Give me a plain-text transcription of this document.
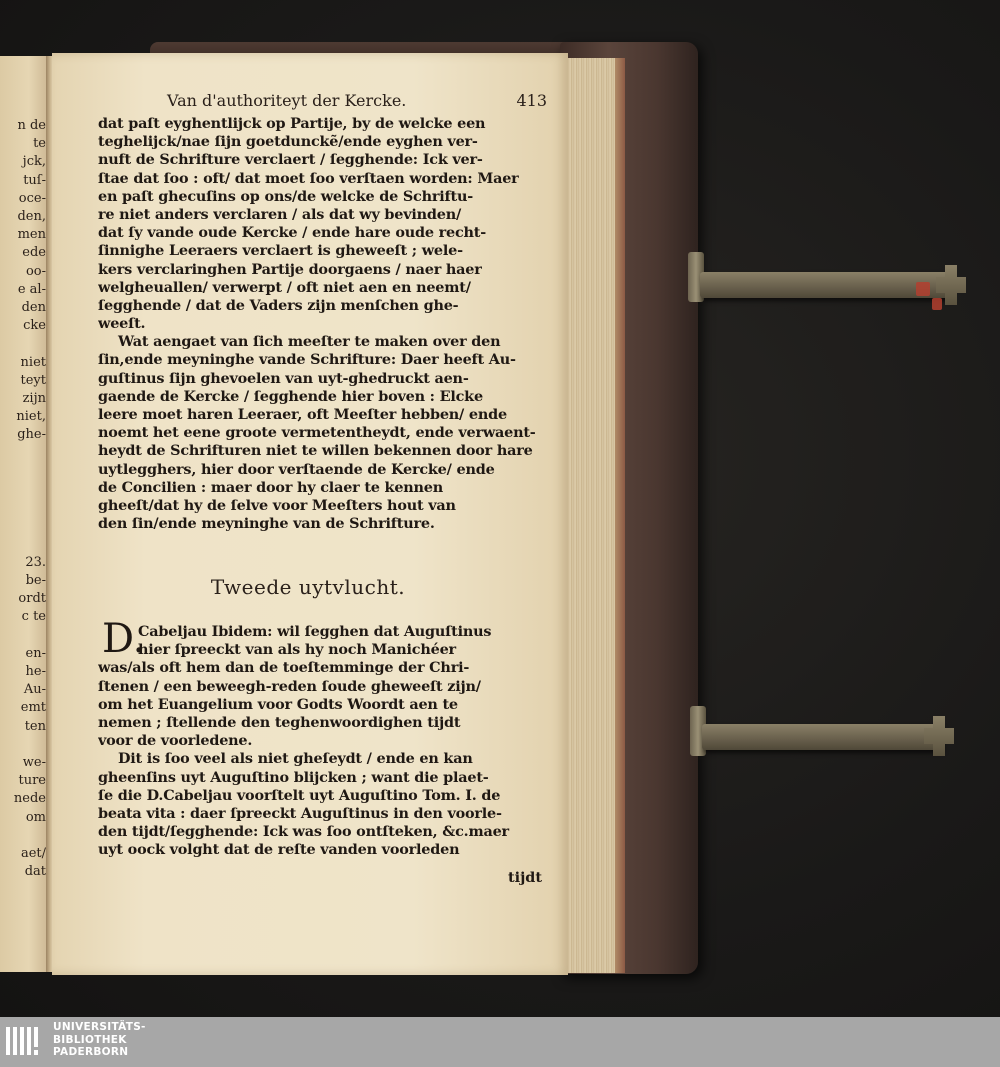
n de
te
jck,
tuſ-
oce-
den,
men
ede
oo-
e al-
den
cke
niet
teyt
zijn
niet,
ghe-
23.
be-
ordt
c te
en-
he-
Au-
emt
ten
we-
ture
nede
om
aet/
dat
Van d'authoriteyt der Kercke.	413
dat paſt eyghentlijck op Partije, by de welcke een
teghelijck/nae ſijn goetdunckẽ/ende eyghen ver-
nuft de Schrifture verclaert / ſegghende: Ick ver-
ſtae dat ſoo : oft/ dat moet ſoo verſtaen worden: Maer
en paſt ghecuſins op ons/de welcke de Schriftu-
re niet anders verclaren / als dat wy bevinden/
dat ſy vande oude Kercke / ende hare oude recht-
ſinnighe Leeraers verclaert is gheweeſt ; wele-
kers verclaringhen Partije doorgaens / naer haer
welgheuallen/ verwerpt / oft niet aen en neemt/
ſegghende / dat de Vaders zijn menſchen ghe-
weeſt.
Wat aengaet van ſich meeſter te maken over den
ſin,ende meyninghe vande Schrifture: Daer heeft Au-
guſtinus ſijn ghevoelen van uyt-ghedruckt aen-
gaende de Kercke / ſegghende hier boven : Elcke
leere moet haren Leeraer, oft Meeſter hebben/ ende
noemt het eene groote vermetentheydt, ende verwaent-
heydt de Schrifturen niet te willen bekennen door hare
uytlegghers, hier door verſtaende de Kercke/ ende
de Concilien : maer door hy claer te kennen
gheeſt/dat hy de ſelve voor Meeſters hout van
den ſin/ende meyninghe van de Schrifture.
Tweede uytvlucht.
D.
Cabeljau Ibidem: wil ſegghen dat Auguſtinus
hier ſpreeckt van als hy noch Manichéer
was/als oft hem dan de toeſtemminge der Chri-
ſtenen / een beweegh-reden ſoude gheweeſt zijn/
om het Euangelium voor Godts Woordt aen te
nemen ; ſtellende den teghenwoordighen tijdt
voor de voorledene.
Dit is ſoo veel als niet gheſeydt / ende en kan
gheenſins uyt Auguſtino blijcken ; want die plaet-
ſe die D.Cabeljau voorſtelt uyt Auguſtino Tom. I. de
beata vita : daer ſpreeckt Auguſtinus in den voorle-
den tijdt/ſegghende: Ick was ſoo ontſteken, &c.maer
uyt oock volght dat de reſte vanden voorleden
tijdt
UNIVERSITÄTS-
BIBLIOTHEK
PADERBORN
